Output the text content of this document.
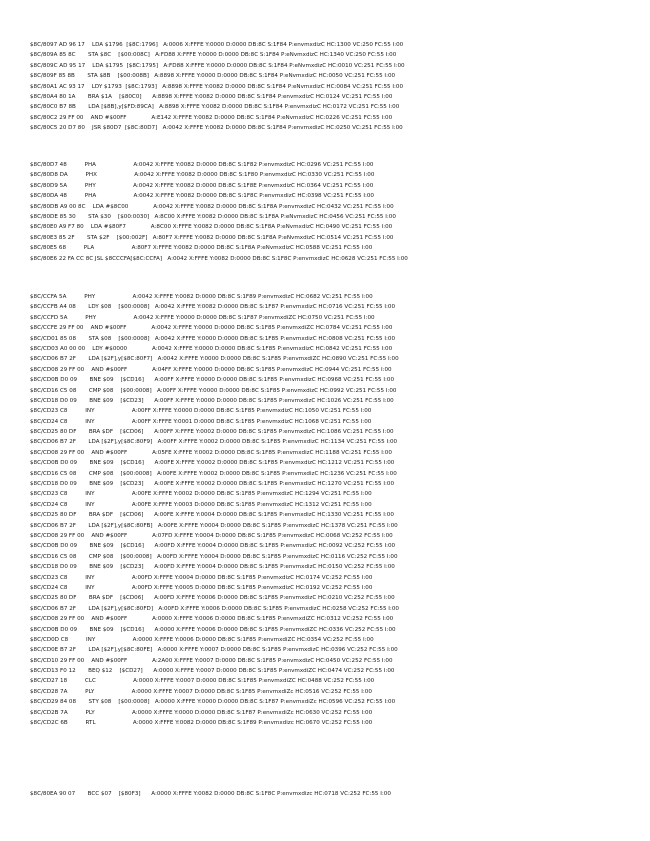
$8C/8097 AD 96 17    LDA $1796  [$8C:1796]   A:0006 X:FFFE Y:0000 D:0000 DB:8C S:1F84 P:envmxdizC HC:1300 VC:250 FC:55 I:00
$8C/809A 85 8C       STA $8C    [$00:008C]   A:FD88 X:FFFE Y:0000 D:0000 DB:8C S:1F84 P:eNvmxdizC HC:1340 VC:250 FC:55 I:00
$8C/809C AD 95 17    LDA $1795  [$8C:1795]   A:FD88 X:FFFE Y:0000 D:0000 DB:8C S:1F84 P:eNvmxdizC HC:0010 VC:251 FC:55 I:00
$8C/809F 85 8B       STA $8B    [$00:008B]   A:8898 X:FFFE Y:0000 D:0000 DB:8C S:1F84 P:eNvmxdizC HC:0050 VC:251 FC:55 I:00
$8C/80A1 AC 93 17    LDY $1793  [$8C:1793]   A:8898 X:FFFE Y:0082 D:0000 DB:8C S:1F84 P:eNvmxdizC HC:0084 VC:251 FC:55 I:00
$8C/80A4 80 1A       BRA $1A    [$80C0]      A:8898 X:FFFE Y:0082 D:0000 DB:8C S:1F84 P:envmxdizC HC:0124 VC:251 FC:55 I:00
$8C/80C0 B7 8B       LDA [$8B],y[$FD:89CA]   A:8898 X:FFFE Y:0082 D:0000 DB:8C S:1F84 P:envmxdizC HC:0172 VC:251 FC:55 I:00
$8C/80C2 29 FF 00    AND #$00FF              A:E142 X:FFFE Y:0082 D:0000 DB:8C S:1F84 P:eNvmxdizC HC:0226 VC:251 FC:55 I:00
$8C/80C5 20 D7 80    JSR $80D7  [$8C:80D7]   A:0042 X:FFFE Y:0082 D:0000 DB:8C S:1F84 P:envmxdizC HC:0250 VC:251 FC:55 I:00
$8C/80D7 48          PHA                     A:0042 X:FFFE Y:0082 D:0000 DB:8C S:1F82 P:envmxdizC HC:0296 VC:251 FC:55 I:00
$8C/80D8 DA          PHX                     A:0042 X:FFFE Y:0082 D:0000 DB:8C S:1F80 P:envmxdizC HC:0330 VC:251 FC:55 I:00
$8C/80D9 5A          PHY                     A:0042 X:FFFE Y:0082 D:0000 DB:8C S:1F8E P:envmxdizC HC:0364 VC:251 FC:55 I:00
$8C/80DA 48          PHA                     A:0042 X:FFFE Y:0082 D:0000 DB:8C S:1F8C P:envmxdizC HC:0398 VC:251 FC:55 I:00
$8C/80DB A9 00 8C    LDA #$8C00              A:0042 X:FFFE Y:0082 D:0000 DB:8C S:1F8A P:envmxdizC HC:0432 VC:251 FC:55 I:00
$8C/80DE 85 30       STA $30    [$00:0030]   A:8C00 X:FFFE Y:0082 D:0000 DB:8C S:1F8A P:eNvmxdizC HC:0456 VC:251 FC:55 I:00
$8C/80E0 A9 F7 80    LDA #$80F7              A:8C00 X:FFFE Y:0082 D:0000 DB:8C S:1F8A P:eNvmxdizC HC:0490 VC:251 FC:55 I:00
$8C/80E3 85 2F       STA $2F    [$00:002F]   A:80F7 X:FFFE Y:0082 D:0000 DB:8C S:1F8A P:eNvmxdizC HC:0514 VC:251 FC:55 I:00
$8C/80E5 68          PLA                     A:80F7 X:FFFE Y:0082 D:0000 DB:8C S:1F8A P:eNvmxdizC HC:0588 VC:251 FC:55 I:00
$8C/80E6 22 FA CC 8C JSL $8CCCFA[$8C:CCFA]   A:0042 X:FFFE Y:0082 D:0000 DB:8C S:1F8C P:envmxdizC HC:0628 VC:251 FC:55 I:00
$8C/CCFA 5A          PHY                     A:0042 X:FFFE Y:0082 D:0000 DB:8C S:1F89 P:envmxdizC HC:0682 VC:251 FC:55 I:00
$8C/CCFB A4 08       LDY $08    [$00:0008]   A:0042 X:FFFE Y:0082 D:0000 DB:8C S:1F87 P:envmxdizC HC:0716 VC:251 FC:55 I:00
$8C/CCFD 5A          PHY                     A:0042 X:FFFE Y:0000 D:0000 DB:8C S:1F87 P:envmxdiZC HC:0750 VC:251 FC:55 I:00
$8C/CCFE 29 FF 00    AND #$00FF              A:0042 X:FFFE Y:0000 D:0000 DB:8C S:1F85 P:envmxdiZC HC:0784 VC:251 FC:55 I:00
$8C/CD01 85 08       STA $08    [$00:0008]   A:0042 X:FFFE Y:0000 D:0000 DB:8C S:1F85 P:envmxdizC HC:0808 VC:251 FC:55 I:00
$8C/CD03 A0 00 00    LDY #$0000              A:0042 X:FFFE Y:0000 D:0000 DB:8C S:1F85 P:envmxdizC HC:0842 VC:251 FC:55 I:00
$8C/CD06 B7 2F       LDA [$2F],y[$8C:80F7]   A:0042 X:FFFE Y:0000 D:0000 DB:8C S:1F85 P:envmxdiZC HC:0890 VC:251 FC:55 I:00
$8C/CD08 29 FF 00    AND #$00FF              A:04FF X:FFFE Y:0000 D:0000 DB:8C S:1F85 P:envmxdizC HC:0944 VC:251 FC:55 I:00
$8C/CD0B D0 09       BNE $09    [$CD16]      A:00FF X:FFFE Y:0000 D:0000 DB:8C S:1F85 P:envmxdizC HC:0968 VC:251 FC:55 I:00
$8C/CD16 C5 08       CMP $08    [$00:0008]   A:00FF X:FFFE Y:0000 D:0000 DB:8C S:1F85 P:envmxdizC HC:0992 VC:251 FC:55 I:00
$8C/CD18 D0 09       BNE $09    [$CD23]      A:00FF X:FFFE Y:0000 D:0000 DB:8C S:1F85 P:envmxdizC HC:1026 VC:251 FC:55 I:00
$8C/CD23 C8          INY                     A:00FF X:FFFE Y:0000 D:0000 DB:8C S:1F85 P:envmxdizC HC:1050 VC:251 FC:55 I:00
$8C/CD24 C8          INY                     A:00FF X:FFFE Y:0001 D:0000 DB:8C S:1F85 P:envmxdizC HC:1068 VC:251 FC:55 I:00
$8C/CD25 80 DF       BRA $DF    [$CD06]      A:00FF X:FFFE Y:0002 D:0000 DB:8C S:1F85 P:envmxdizC HC:1086 VC:251 FC:55 I:00
$8C/CD06 B7 2F       LDA [$2F],y[$8C:80F9]   A:00FF X:FFFE Y:0002 D:0000 DB:8C S:1F85 P:envmxdizC HC:1134 VC:251 FC:55 I:00
$8C/CD08 29 FF 00    AND #$00FF              A:05FE X:FFFE Y:0002 D:0000 DB:8C S:1F85 P:envmxdizC HC:1188 VC:251 FC:55 I:00
$8C/CD0B D0 09       BNE $09    [$CD16]      A:00FE X:FFFE Y:0002 D:0000 DB:8C S:1F85 P:envmxdizC HC:1212 VC:251 FC:55 I:00
$8C/CD16 C5 08       CMP $08    [$00:0008]   A:00FE X:FFFE Y:0002 D:0000 DB:8C S:1F85 P:envmxdizC HC:1236 VC:251 FC:55 I:00
$8C/CD18 D0 09       BNE $09    [$CD23]      A:00FE X:FFFE Y:0002 D:0000 DB:8C S:1F85 P:envmxdizC HC:1270 VC:251 FC:55 I:00
$8C/CD23 C8          INY                     A:00FE X:FFFE Y:0002 D:0000 DB:8C S:1F85 P:envmxdizC HC:1294 VC:251 FC:55 I:00
$8C/CD24 C8          INY                     A:00FE X:FFFE Y:0003 D:0000 DB:8C S:1F85 P:envmxdizC HC:1312 VC:251 FC:55 I:00
$8C/CD25 80 DF       BRA $DF    [$CD06]      A:00FE X:FFFE Y:0004 D:0000 DB:8C S:1F85 P:envmxdizC HC:1330 VC:251 FC:55 I:00
$8C/CD06 B7 2F       LDA [$2F],y[$8C:80FB]   A:00FE X:FFFE Y:0004 D:0000 DB:8C S:1F85 P:envmxdizC HC:1378 VC:251 FC:55 I:00
$8C/CD08 29 FF 00    AND #$00FF              A:07FD X:FFFE Y:0004 D:0000 DB:8C S:1F85 P:envmxdizC HC:0068 VC:252 FC:55 I:00
$8C/CD0B D0 09       BNE $09    [$CD16]      A:00FD X:FFFE Y:0004 D:0000 DB:8C S:1F85 P:envmxdizC HC:0092 VC:252 FC:55 I:00
$8C/CD16 C5 08       CMP $08    [$00:0008]   A:00FD X:FFFE Y:0004 D:0000 DB:8C S:1F85 P:envmxdizC HC:0116 VC:252 FC:55 I:00
$8C/CD18 D0 09       BNE $09    [$CD23]      A:00FD X:FFFE Y:0004 D:0000 DB:8C S:1F85 P:envmxdizC HC:0150 VC:252 FC:55 I:00
$8C/CD23 C8          INY                     A:00FD X:FFFE Y:0004 D:0000 DB:8C S:1F85 P:envmxdizC HC:0174 VC:252 FC:55 I:00
$8C/CD24 C8          INY                     A:00FD X:FFFE Y:0005 D:0000 DB:8C S:1F85 P:envmxdizC HC:0192 VC:252 FC:55 I:00
$8C/CD25 80 DF       BRA $DF    [$CD06]      A:00FD X:FFFE Y:0006 D:0000 DB:8C S:1F85 P:envmxdizC HC:0210 VC:252 FC:55 I:00
$8C/CD06 B7 2F       LDA [$2F],y[$8C:80FD]   A:00FD X:FFFE Y:0006 D:0000 DB:8C S:1F85 P:envmxdizC HC:0258 VC:252 FC:55 I:00
$8C/CD08 29 FF 00    AND #$00FF              A:0000 X:FFFE Y:0006 D:0000 DB:8C S:1F85 P:envmxdiZC HC:0312 VC:252 FC:55 I:00
$8C/CD0B D0 09       BNE $09    [$CD16]      A:0000 X:FFFE Y:0006 D:0000 DB:8C S:1F85 P:envmxdiZC HC:0336 VC:252 FC:55 I:00
$8C/CD0D C8          INY                     A:0000 X:FFFE Y:0006 D:0000 DB:8C S:1F85 P:envmxdiZC HC:0354 VC:252 FC:55 I:00
$8C/CD0E B7 2F       LDA [$2F],y[$8C:80FE]   A:0000 X:FFFE Y:0007 D:0000 DB:8C S:1F85 P:envmxdizC HC:0396 VC:252 FC:55 I:00
$8C/CD10 29 FF 00    AND #$00FF              A:2A00 X:FFFE Y:0007 D:0000 DB:8C S:1F85 P:envmxdizC HC:0450 VC:252 FC:55 I:00
$8C/CD13 F0 12       BEQ $12    [$CD27]      A:0000 X:FFFE Y:0007 D:0000 DB:8C S:1F85 P:envmxdiZC HC:0474 VC:252 FC:55 I:00
$8C/CD27 18          CLC                     A:0000 X:FFFE Y:0007 D:0000 DB:8C S:1F85 P:envmxdiZC HC:0488 VC:252 FC:55 I:00
$8C/CD28 7A          PLY                     A:0000 X:FFFE Y:0007 D:0000 DB:8C S:1F85 P:envmxdiZc HC:0516 VC:252 FC:55 I:00
$8C/CD29 84 08       STY $08    [$00:0008]   A:0000 X:FFFE Y:0000 D:0000 DB:8C S:1F87 P:envmxdiZc HC:0596 VC:252 FC:55 I:00
$8C/CD2B 7A          PLY                     A:0000 X:FFFE Y:0000 D:0000 DB:8C S:1F87 P:envmxdiZc HC:0630 VC:252 FC:55 I:00
$8C/CD2C 6B          RTL                     A:0000 X:FFFE Y:0082 D:0000 DB:8C S:1F89 P:envmxdizc HC:0670 VC:252 FC:55 I:00
$8C/80EA 90 07       BCC $07    [$80F3]      A:0000 X:FFFE Y:0082 D:0000 DB:8C S:1F8C P:envmxdizc HC:0718 VC:252 FC:55 I:00
